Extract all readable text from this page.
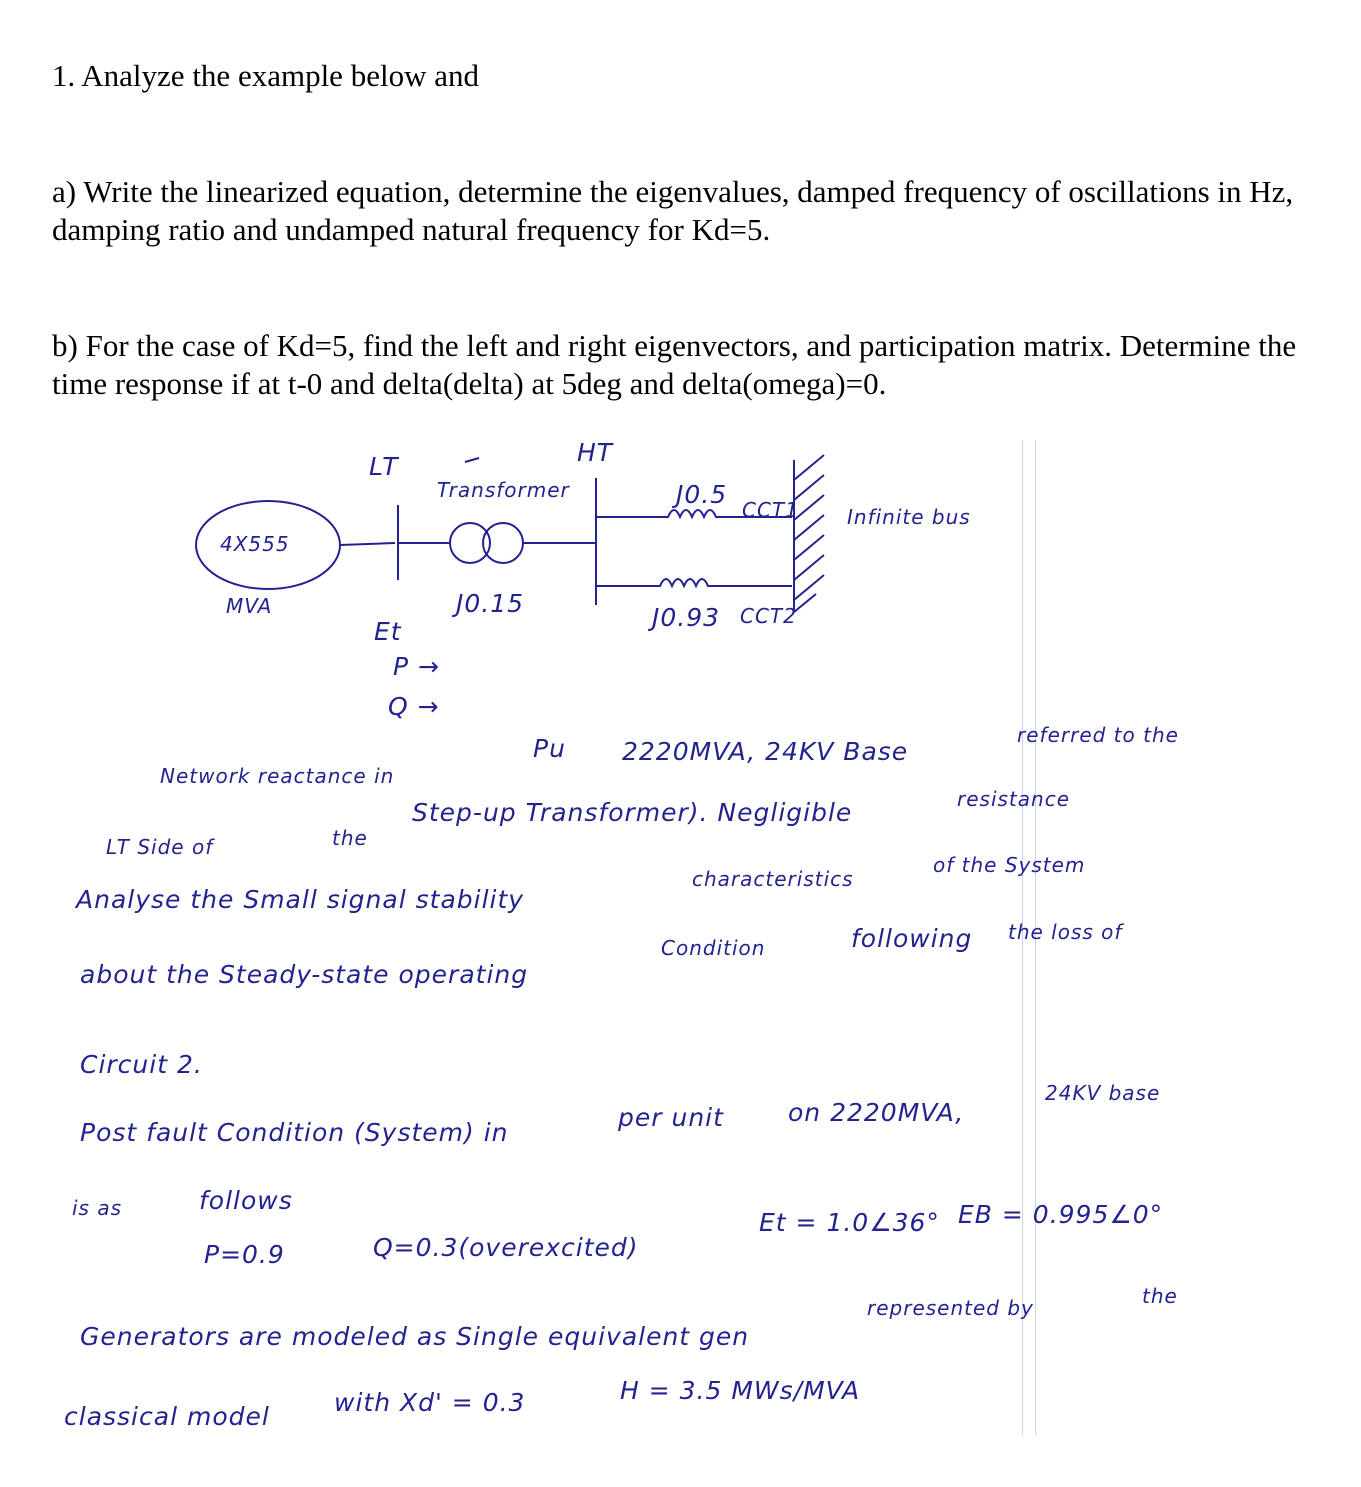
1. Analyze the example below and
a) Write the linearized equation, determine the eigenvalues, damped frequency of oscillations in Hz, damping ratio and undamped natural frequency for Kd=5.
b) For the case of Kd=5, find the left and right eigenvectors, and participation matrix. Determine the time response if at t-0 and delta(delta) at 5deg and delta(omega)=0.
LT	HT
Transformer
4X555
MVA	J0.15
J0.5
CCT1
J0.93 CCT2
Infinite bus
Et
P →
Q →
Pu 2220MVA, 24KV Base
referred to the
Network reactance in
LT Side of	the
Step-up Transformer). Negligible	resistance
Analyse the Small signal stability
characteristics
of the System
Condition	following the loss of
about the Steady-state operating
Circuit 2.
Post fault Condition (System) in
per unit	on 2220MVA,
24KV base
is as	follows
P=0.9	Q=0.3(overexcited)
Et = 1.0∠36° EB = 0.995∠0°
Generators are modeled as Single equivalent gen
represented by	the
classical model	with Xd' = 0.3	H = 3.5 MWs/MVA
